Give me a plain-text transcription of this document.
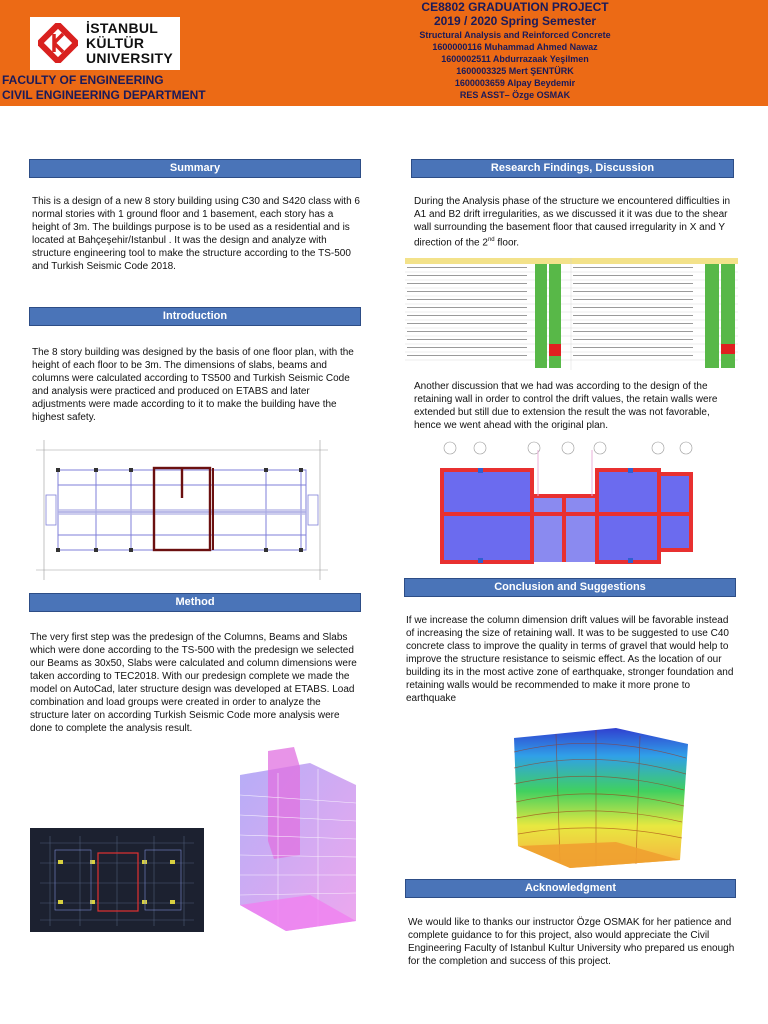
İSTANBUL
KÜLTÜR
UNIVERSITY
FACULTY OF ENGINEERING
CIVIL ENGINEERING DEPARTMENT
CE8802 GRADUATION PROJECT
2019 / 2020 Spring Semester
Structural Analysis and Reinforced Concrete
1600000116 Muhammad Ahmed Nawaz
1600002511 Abdurrazaak Yeşilmen
1600003325 Mert ŞENTÜRK
1600003659 Alpay Beydemir
RES ASST– Özge OSMAK
Summary
This is a design of a new 8 story building using C30 and S420 class with 6 normal stories with 1 ground floor and 1 basement, each story has a height of 3m. The buildings purpose is to be used as a residential and is located at Bahçeşehir/Istanbul . It was the design and analyze with structure engineering tool to make the structure according to the TS-500 and Turkish Seismic Code 2018.
Introduction
The 8 story building was designed by the basis of one floor plan, with the height of each floor to be 3m. The dimensions of slabs, beams and columns were calculated according to TS500 and Turkish Seismic Code and analysis were practiced and produced on ETABS and later adjustments were made according to it to make the building have the highest safety.
Method
The very first step was the predesign of the Columns, Beams and Slabs which were done according to the TS-500 with the predesign we selected our Beams as 30x50, Slabs were calculated and column dimensions were taken according to TEC2018. With our predesign complete we made the model on AutoCad, later structure design was developed at ETABS. Load combination and load groups were created in order to analyze the structure later on according Turkish Seismic Code more analysis were done to complete the analysis result.
Research Findings, Discussion
During the Analysis phase of the structure we encountered difficulties in A1 and B2 drift irregularities, as we discussed it it was due to the shear wall surrounding the basement floor that caused irregularity in X and Y direction of the 2nd floor.
Another discussion that we had was according to the design of the retaining wall in order to control the drift values, the retain walls were extended but still due to extension the result the was not favorable, hence we went ahead with the original plan.
Conclusion and Suggestions
If we increase the column dimension drift values will be favorable instead of increasing the size of retaining wall. It was to be suggested to use C40 concrete class to improve the quality in terms of gravel that would help to improve the structure resistance to seismic effect. As the location of our building its in the most active zone of earthquake, stronger foundation and retaining walls would be recommended to make it more prone to earthquake
Acknowledgment
We would like to thanks our instructor Özge OSMAK for her patience and complete guidance to for this project, also would appreciate the Civil Engineering Faculty of Istanbul Kultur University who prepared us enough for the completion and success of this project.
